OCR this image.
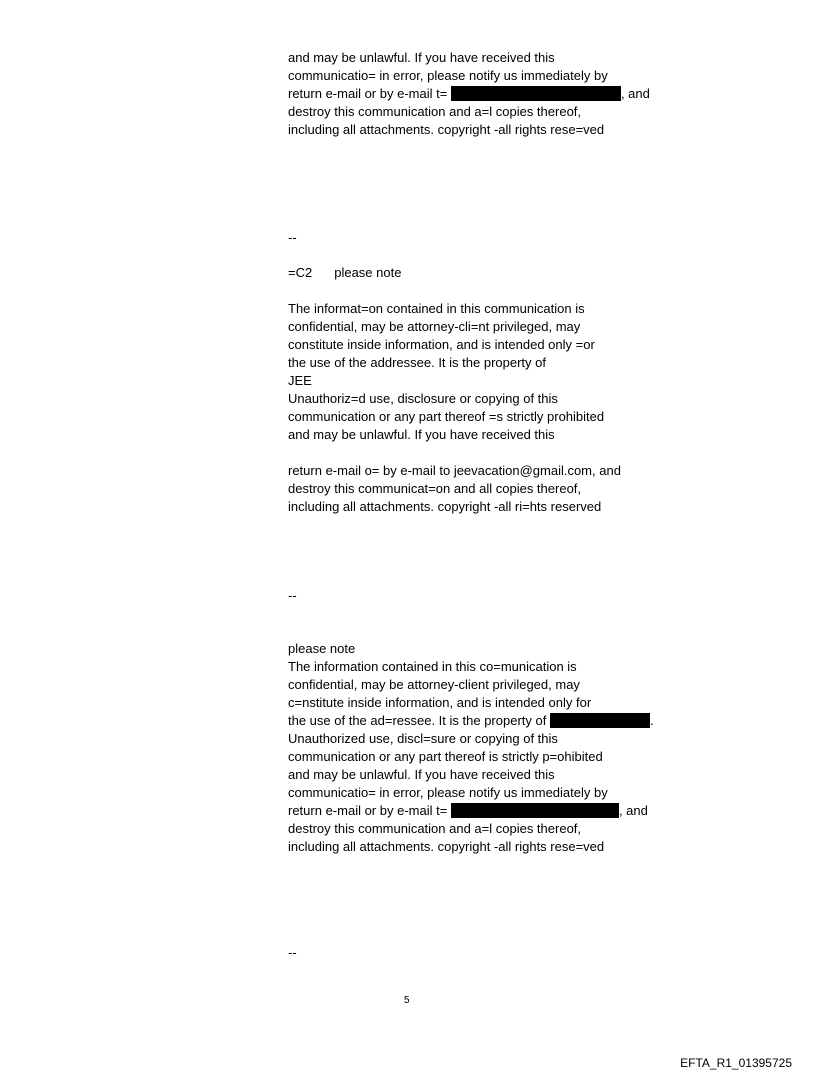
and may be unlawful. If you have received this
communicatio= in error, please notify us immediately by
return e-mail or by e-mail t=	, and
destroy this communication and a=l copies thereof,
including all attachments. copyright -all rights rese=ved
--
=C2 please note
The informat=on contained in this communication is
confidential, may be attorney-cli=nt privileged, may
constitute inside information, and is intended only =or
the use of the addressee. It is the property of
JEE
Unauthoriz=d use, disclosure or copying of this
communication or any part thereof =s strictly prohibited
and may be unlawful. If you have received this
return e-mail o= by e-mail to jeevacation@gmail.com, and
destroy this communicat=on and all copies thereof,
including all attachments. copyright -all ri=hts reserved
--
please note
The information contained in this co=munication is
confidential, may be attorney-client privileged, may
c=nstitute inside information, and is intended only for
the use of the ad=ressee. It is the property of	.
Unauthorized use, discl=sure or copying of this
communication or any part thereof is strictly p=ohibited
and may be unlawful. If you have received this
communicatio= in error, please notify us immediately by
return e-mail or by e-mail t=	, and
destroy this communication and a=l copies thereof,
including all attachments. copyright -all rights rese=ved
--
5
EFTA_R1_01395725
